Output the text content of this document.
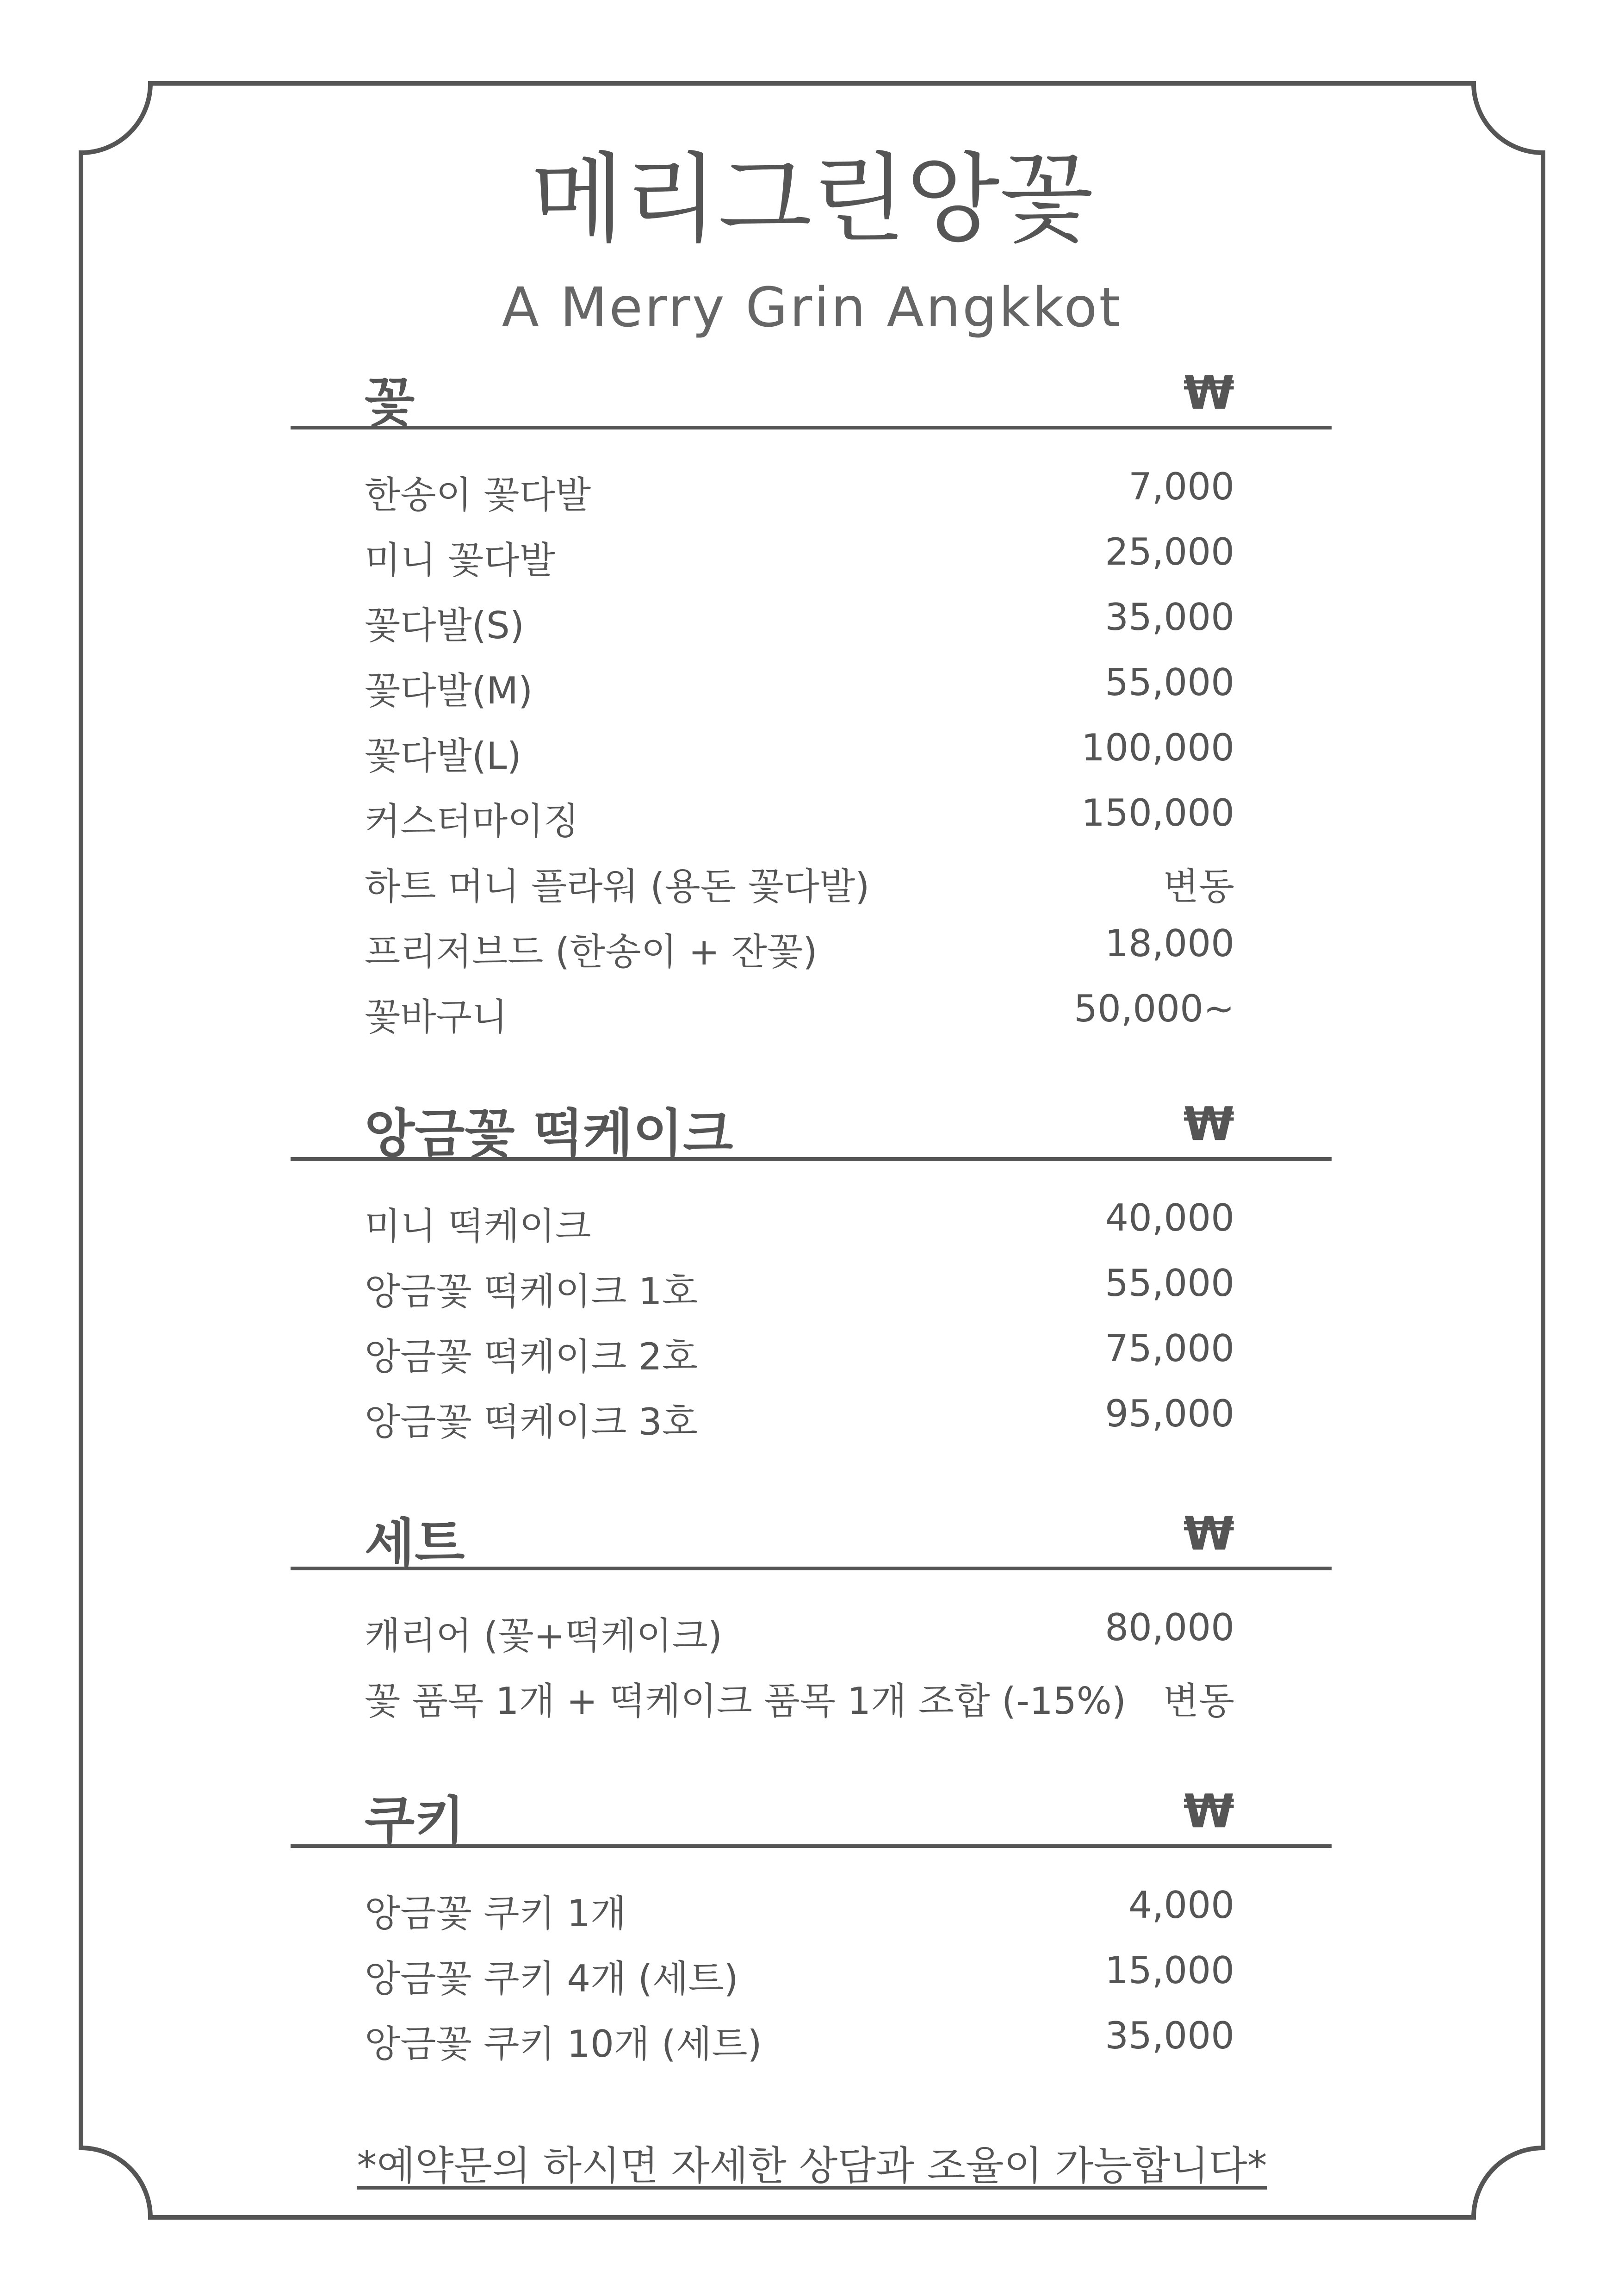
메리그린앙꽃
A Merry Grin Angkkot
꽃	₩
한송이 꽃다발	7,000
미니 꽃다발	25,000
꽃다발(S)	35,000
꽃다발(M)	55,000
꽃다발(L)	100,000
커스터마이징	150,000
하트 머니 플라워 (용돈 꽃다발)	변동
프리저브드 (한송이 + 잔꽃)	18,000
꽃바구니	50,000~
앙금꽃 떡케이크	₩
미니 떡케이크	40,000
앙금꽃 떡케이크 1호	55,000
앙금꽃 떡케이크 2호	75,000
앙금꽃 떡케이크 3호	95,000
세트	₩
캐리어 (꽃+떡케이크)	80,000
꽃 품목 1개 + 떡케이크 품목 1개 조합 (-15%) 변동
쿠키	₩
앙금꽃 쿠키 1개	4,000
앙금꽃 쿠키 4개 (세트)	15,000
앙금꽃 쿠키 10개 (세트)	35,000
*예약문의 하시면 자세한 상담과 조율이 가능합니다*
